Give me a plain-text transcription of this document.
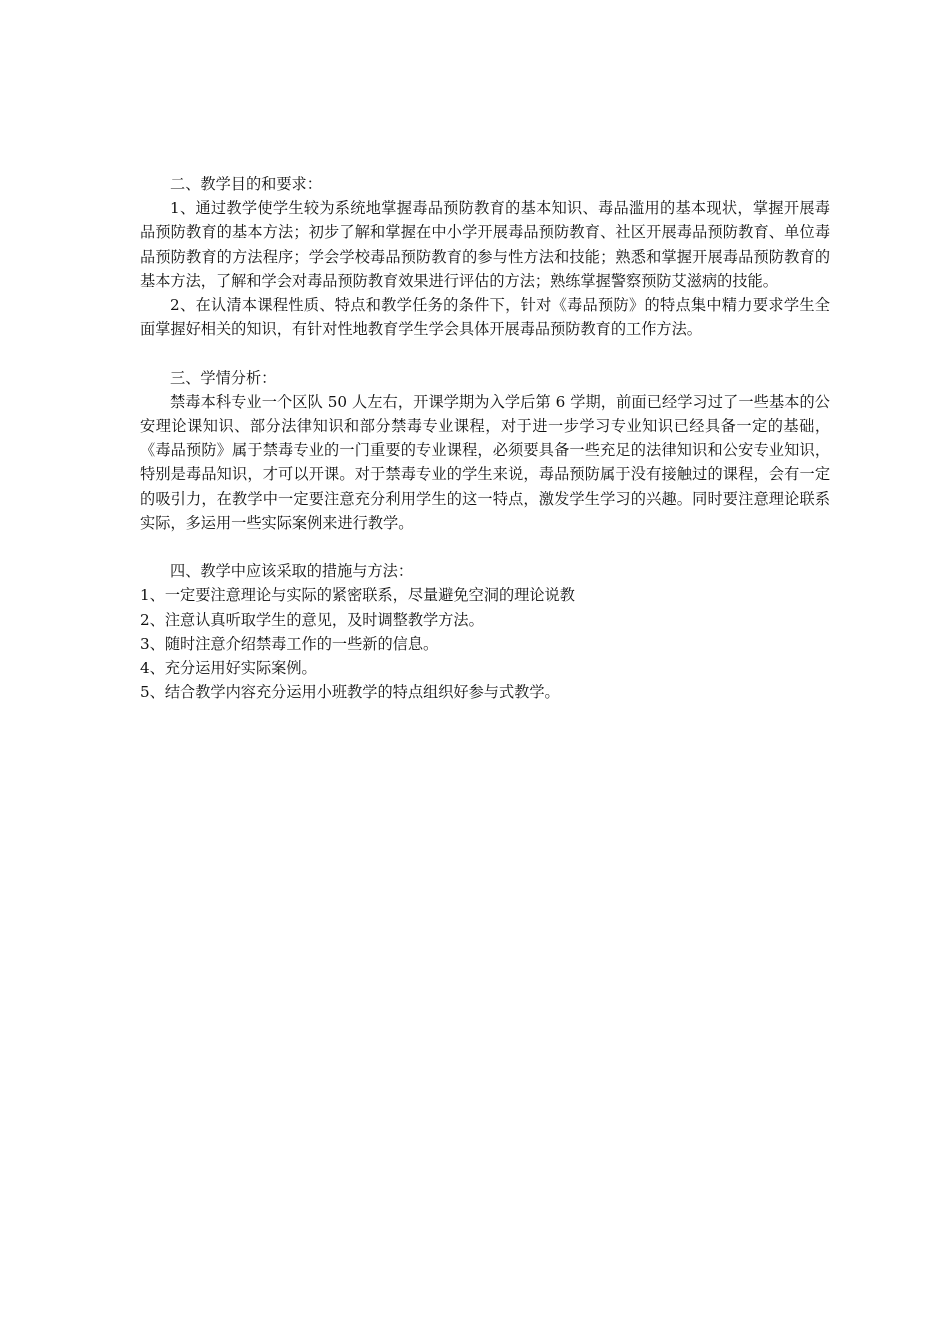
二、教学目的和要求：

1、通过教学使学生较为系统地掌握毒品预防教育的基本知识、毒品滥用的基本现状，掌握开展毒品预防教育的基本方法；初步了解和掌握在中小学开展毒品预防教育、社区开展毒品预防教育、单位毒品预防教育的方法程序；学会学校毒品预防教育的参与性方法和技能；熟悉和掌握开展毒品预防教育的基本方法，了解和学会对毒品预防教育效果进行评估的方法；熟练掌握警察预防艾滋病的技能。

2、在认清本课程性质、特点和教学任务的条件下，针对《毒品预防》的特点集中精力要求学生全面掌握好相关的知识，有针对性地教育学生学会具体开展毒品预防教育的工作方法。

三、学情分析：

禁毒本科专业一个区队 50 人左右，开课学期为入学后第 6 学期，前面已经学习过了一些基本的公安理论课知识、部分法律知识和部分禁毒专业课程，对于进一步学习专业知识已经具备一定的基础，《毒品预防》属于禁毒专业的一门重要的专业课程，必须要具备一些充足的法律知识和公安专业知识，特别是毒品知识，才可以开课。对于禁毒专业的学生来说，毒品预防属于没有接触过的课程，会有一定的吸引力，在教学中一定要注意充分利用学生的这一特点，激发学生学习的兴趣。同时要注意理论联系实际，多运用一些实际案例来进行教学。

四、教学中应该采取的措施与方法：

1、一定要注意理论与实际的紧密联系，尽量避免空洞的理论说教

2、注意认真听取学生的意见，及时调整教学方法。

3、随时注意介绍禁毒工作的一些新的信息。

4、充分运用好实际案例。

5、结合教学内容充分运用小班教学的特点组织好参与式教学。
